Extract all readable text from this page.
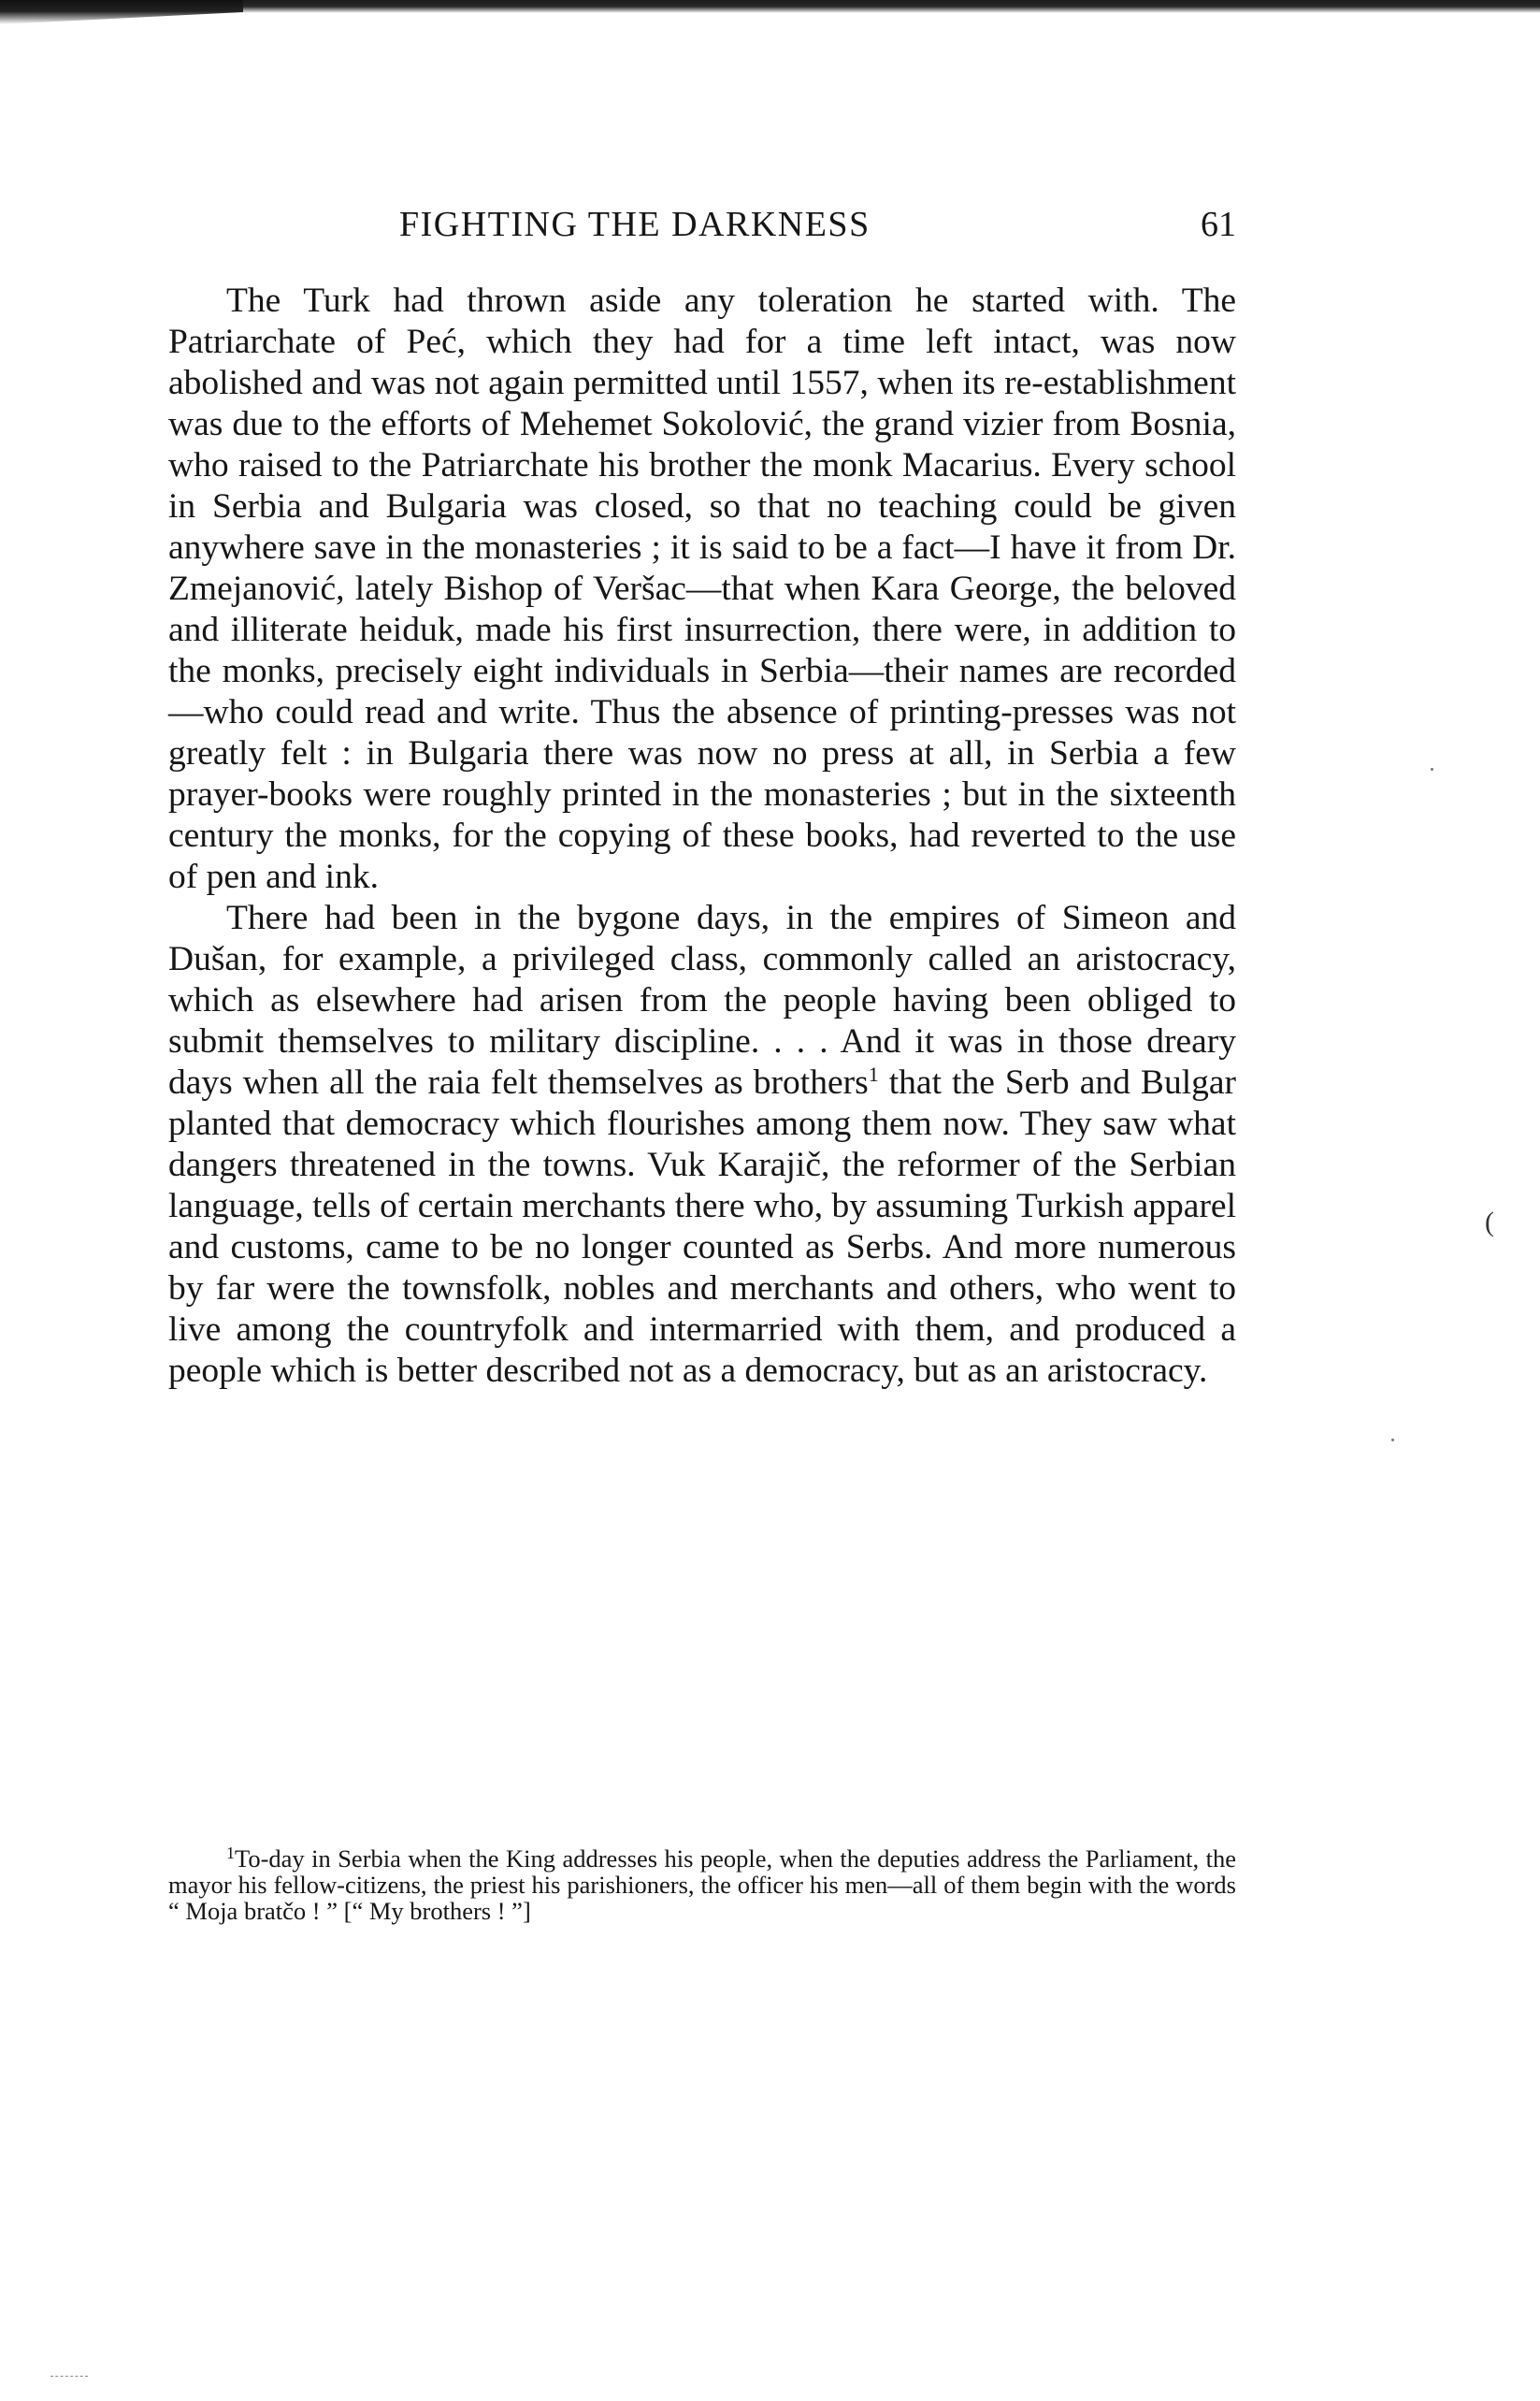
FIGHTING THE DARKNESS	61

The Turk had thrown aside any toleration he started with. The Patriarchate of Peć, which they had for a time left intact, was now abolished and was not again permitted until 1557, when its re-establishment was due to the efforts of Mehemet Sokolović, the grand vizier from Bosnia, who raised to the Patriarchate his brother the monk Macarius. Every school in Serbia and Bulgaria was closed, so that no teaching could be given anywhere save in the monasteries ; it is said to be a fact—I have it from Dr. Zmejanović, lately Bishop of Veršac—that when Kara George, the beloved and illiterate heiduk, made his first insurrection, there were, in addition to the monks, precisely eight individuals in Serbia—their names are recorded—who could read and write. Thus the absence of printing-presses was not greatly felt : in Bulgaria there was now no press at all, in Serbia a few prayer-books were roughly printed in the monasteries ; but in the sixteenth century the monks, for the copying of these books, had reverted to the use of pen and ink.

There had been in the bygone days, in the empires of Simeon and Dušan, for example, a privileged class, commonly called an aristocracy, which as elsewhere had arisen from the people having been obliged to submit themselves to military discipline. . . . And it was in those dreary days when all the raia felt themselves as brothers$^1$ that the Serb and Bulgar planted that democracy which flourishes among them now. They saw what dangers threatened in the towns. Vuk Karajič, the reformer of the Serbian language, tells of certain merchants there who, by assuming Turkish apparel and customs, came to be no longer counted as Serbs. And more numerous by far were the townsfolk, nobles and merchants and others, who went to live among the countryfolk and intermarried with them, and produced a people which is better described not as a democracy, but as an aristocracy.

$^1$To-day in Serbia when the King addresses his people, when the deputies address the Parliament, the mayor his fellow-citizens, the priest his parishioners, the officer his men—all of them begin with the words “ Moja bratčo ! ” [“ My brothers ! ”]

(
